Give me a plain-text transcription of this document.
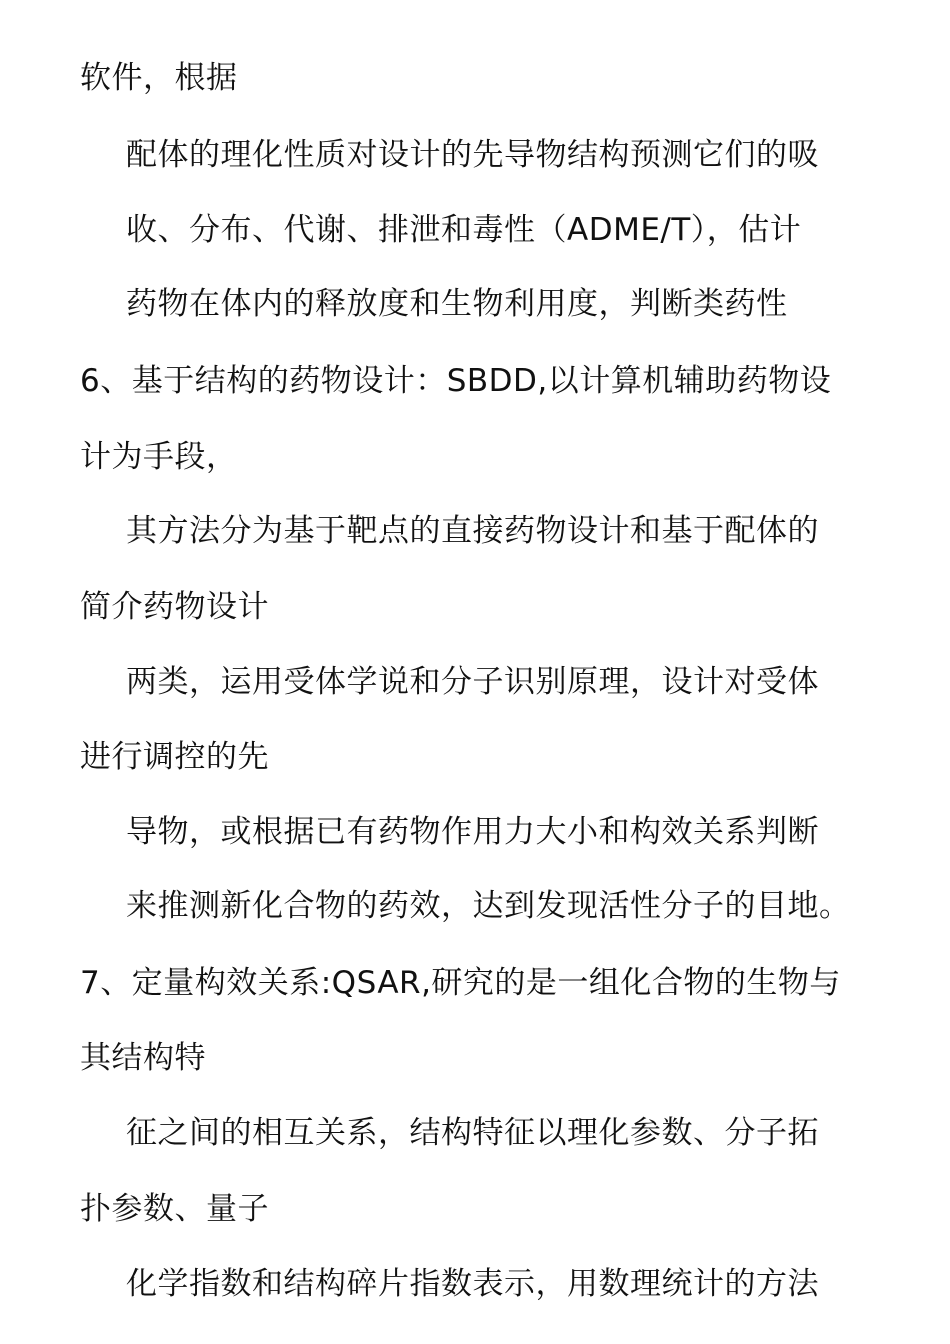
软件，根据
配体的理化性质对设计的先导物结构预测它们的吸
收、分布、代谢、排泄和毒性（ADME/T），估计
药物在体内的释放度和生物利用度，判断类药性
6、基于结构的药物设计：SBDD,以计算机辅助药物设
计为手段，
其方法分为基于靶点的直接药物设计和基于配体的
简介药物设计
两类，运用受体学说和分子识别原理，设计对受体
进行调控的先
导物，或根据已有药物作用力大小和构效关系判断
来推测新化合物的药效，达到发现活性分子的目地。
7、定量构效关系:QSAR,研究的是一组化合物的生物与
其结构特
征之间的相互关系，结构特征以理化参数、分子拓
扑参数、量子
化学指数和结构碎片指数表示，用数理统计的方法
